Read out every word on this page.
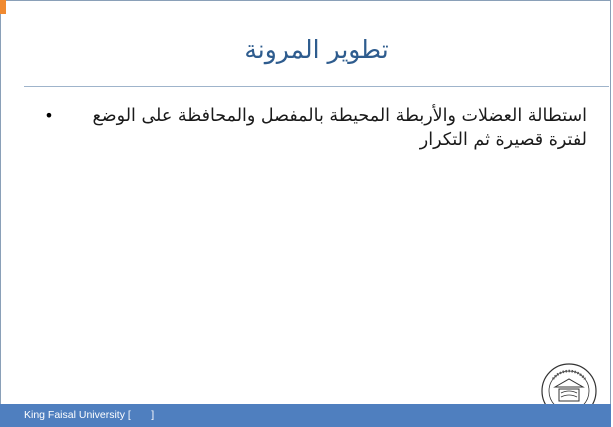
تطوير المرونة
•	استطالة العضلات والأربطة المحيطة بالمفصل والمحافظة على الوضع لفترة قصيرة ثم التكرار
King Faisal University [       ]
